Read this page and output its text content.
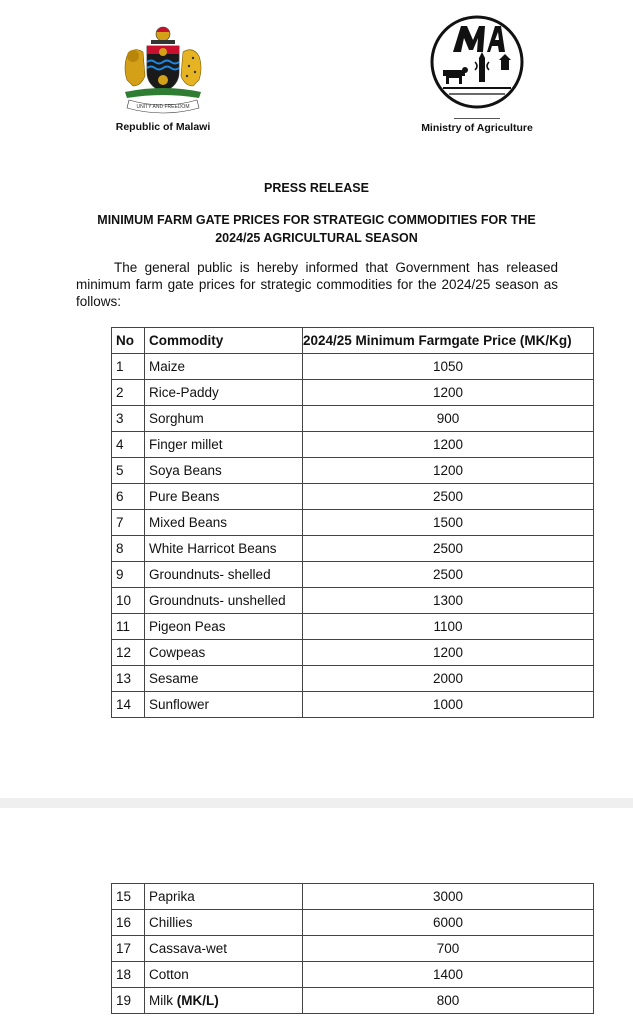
UNITY AND FREEDOM
Republic of Malawi	Ministry of Agriculture
PRESS RELEASE
MINIMUM FARM GATE PRICES FOR STRATEGIC COMMODITIES FOR THE
2024/25 AGRICULTURAL SEASON

The general public is hereby informed that Government has released minimum farm gate prices for strategic commodities for the 2024/25 season as follows:

No	Commodity	2024/25 Minimum Farmgate Price (MK/Kg)
1	Maize	1050
2	Rice-Paddy	1200
3	Sorghum	900
4	Finger millet	1200
5	Soya Beans	1200
6	Pure Beans	2500
7	Mixed Beans	1500
8	White Harricot Beans	2500
9	Groundnuts- shelled	2500
10	Groundnuts- unshelled	1300
11	Pigeon Peas	1100
12	Cowpeas	1200
13	Sesame	2000
14	Sunflower	1000
15	Paprika	3000
16	Chillies	6000
17	Cassava-wet	700
18	Cotton	1400
19	Milk (MK/L)	800
